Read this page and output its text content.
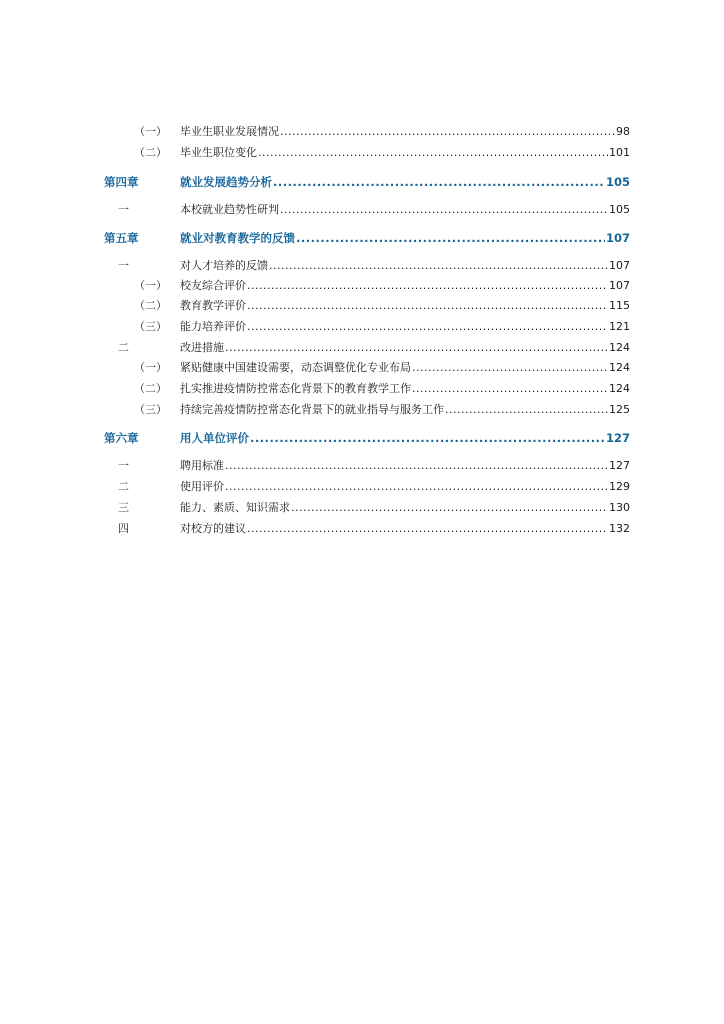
（一） 毕业生职业发展情况 .....	98
（二） 毕业生职位变化 .....	101
第四章	就业发展趋势分析 .....	105
一	本校就业趋势性研判 .....	105
第五章	就业对教育教学的反馈 .....	107
一	对人才培养的反馈 .....	107
（一） 校友综合评价 .....	107
（二） 教育教学评价 .....	115
（三） 能力培养评价 .....	121
二	改进措施 .....	124
（一） 紧贴健康中国建设需要，动态调整优化专业布局 .....	124
（二） 扎实推进疫情防控常态化背景下的教育教学工作 .....	124
（三） 持续完善疫情防控常态化背景下的就业指导与服务工作 .....	125
第六章	用人单位评价 .....	127
一	聘用标准 .....	127
二	使用评价 .....	129
三	能力、素质、知识需求 .....	130
四	对校方的建议 .....	132
